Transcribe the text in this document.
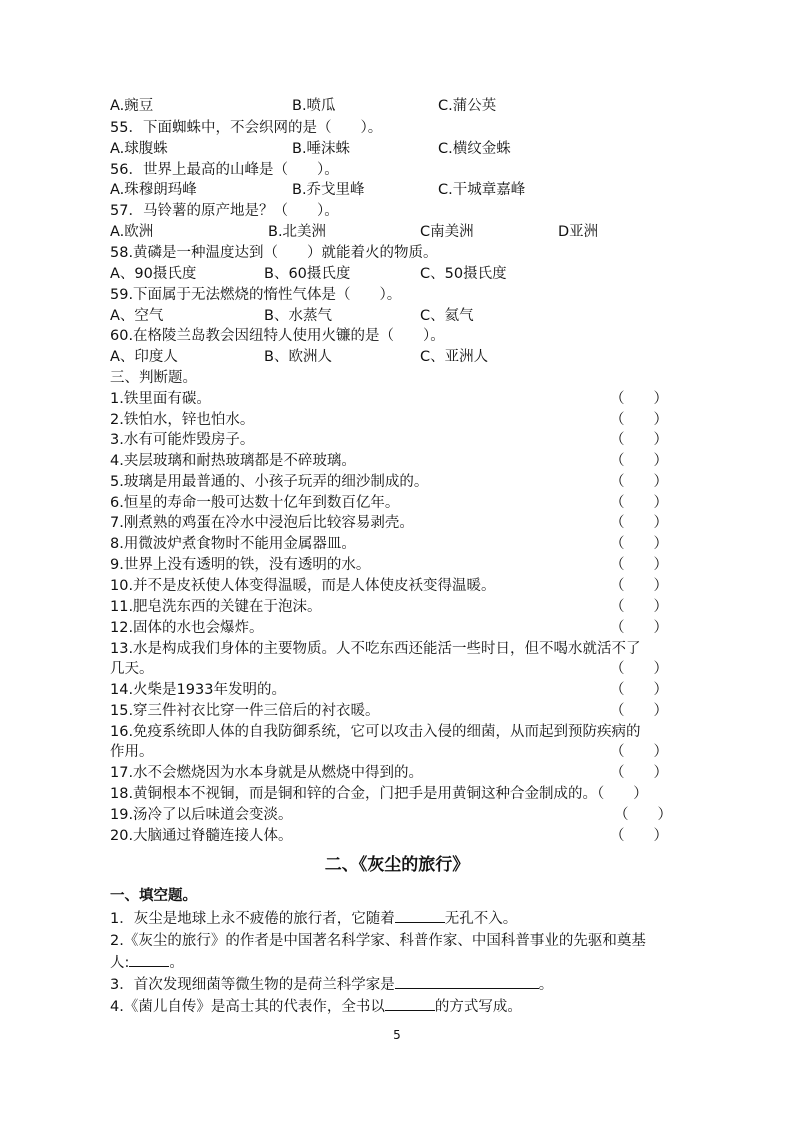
A.豌豆	B.喷瓜	C.蒲公英
55．下面蜘蛛中，不会织网的是（　　）。
A.球腹蛛	B.唾沫蛛	C.横纹金蛛
56．世界上最高的山峰是（　　）。
A.珠穆朗玛峰	B.乔戈里峰	C.干城章嘉峰
57．马铃薯的原产地是？（　　）。
A.欧洲	B.北美洲	C南美洲	D亚洲
58.黄磷是一种温度达到（　　）就能着火的物质。
A、90摄氏度	B、60摄氏度	C、50摄氏度
59.下面属于无法燃烧的惰性气体是（　　）。
A、空气	B、水蒸气	C、氦气
60.在格陵兰岛教会因纽特人使用火镰的是（　　）。
A、印度人	B、欧洲人	C、亚洲人
三、判断题。
1.铁里面有碳。	（　　）
2.铁怕水，锌也怕水。	（　　）
3.水有可能炸毁房子。	（　　）
4.夹层玻璃和耐热玻璃都是不碎玻璃。	（　　）
5.玻璃是用最普通的、小孩子玩弄的细沙制成的。	（　　）
6.恒星的寿命一般可达数十亿年到数百亿年。	（　　）
7.刚煮熟的鸡蛋在冷水中浸泡后比较容易剥壳。	（　　）
8.用微波炉煮食物时不能用金属器皿。	（　　）
9.世界上没有透明的铁，没有透明的水。	（　　）
10.并不是皮袄使人体变得温暖，而是人体使皮袄变得温暖。	（　　）
11.肥皂洗东西的关键在于泡沫。	（　　）
12.固体的水也会爆炸。	（　　）
13.水是构成我们身体的主要物质。人不吃东西还能活一些时日，但不喝水就活不了
几天。	（　　）
14.火柴是1933年发明的。	（　　）
15.穿三件衬衣比穿一件三倍后的衬衣暖。	（　　）
16.免疫系统即人体的自我防御系统，它可以攻击入侵的细菌，从而起到预防疾病的
作用。	（　　）
17.水不会燃烧因为水本身就是从燃烧中得到的。	（　　）
18.黄铜根本不视铜，而是铜和锌的合金，门把手是用黄铜这种合金制成的。（　　）
19.汤冷了以后味道会变淡。	（　　）
20.大脑通过脊髓连接人体。	（　　）
二、《灰尘的旅行》
一、填空题。
1．灰尘是地球上永不疲倦的旅行者，它随着	无孔不入。
2.《灰尘的旅行》的作者是中国著名科学家、科普作家、中国科普事业的先驱和奠基
人:	。
3．首次发现细菌等微生物的是荷兰科学家是	。
4.《菌儿自传》是高士其的代表作，全书以	的方式写成。
5
